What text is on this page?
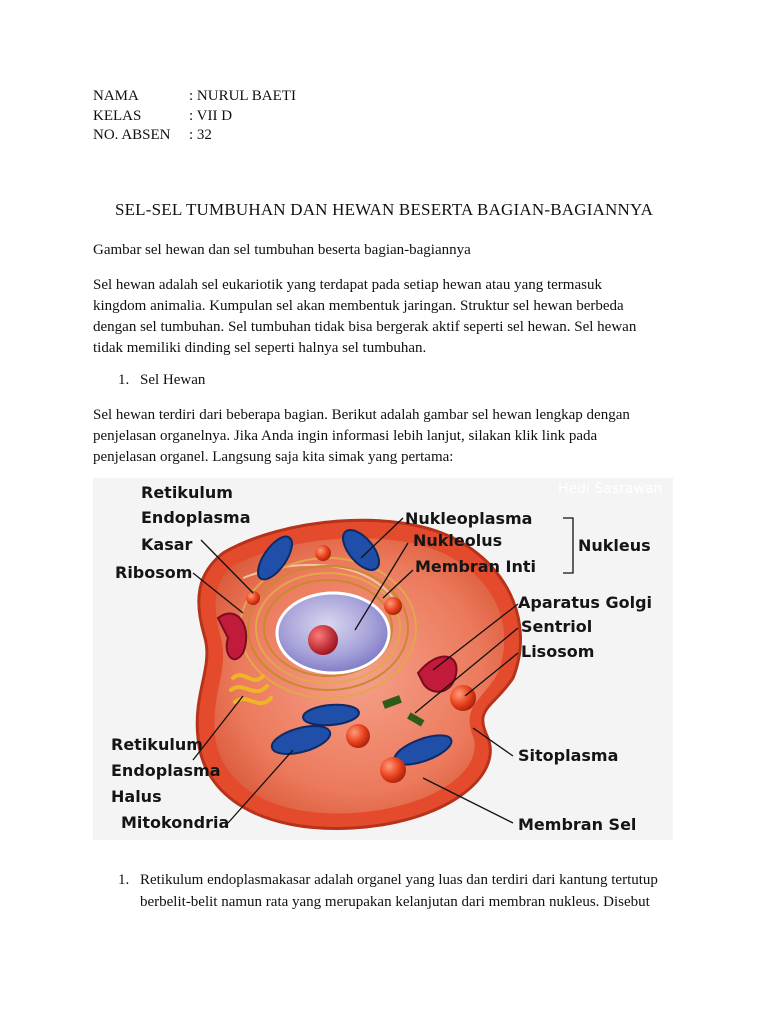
NAMA	: NURUL BAETI
KELAS	: VII D
NO. ABSEN	: 32
SEL-SEL TUMBUHAN DAN HEWAN BESERTA BAGIAN-BAGIANNYA
Gambar sel hewan dan sel tumbuhan beserta bagian-bagiannya
Sel hewan adalah sel eukariotik yang terdapat pada setiap hewan atau yang termasuk
kingdom animalia. Kumpulan sel akan membentuk jaringan. Struktur sel hewan berbeda
dengan sel tumbuhan. Sel tumbuhan tidak bisa bergerak aktif seperti sel hewan. Sel hewan
tidak memiliki dinding sel seperti halnya sel tumbuhan.
1. Sel Hewan
Sel hewan terdiri dari beberapa bagian. Berikut adalah gambar sel hewan lengkap dengan
penjelasan organelnya. Jika Anda ingin informasi lebih lanjut, silakan klik link pada
penjelasan organel. Langsung saja kita simak yang pertama:
Retikulum
Endoplasma
Kasar
Ribosom
Nukleoplasma
Nukleolus
Membran Inti
Nukleus
Aparatus Golgi
Sentriol
Lisosom
Retikulum
Endoplasma
Halus
Mitokondria
Sitoplasma
Membran Sel
Hedi Sasrawan
1. Retikulum endoplasmakasar adalah organel yang luas dan terdiri dari kantung tertutup
berbelit-belit namun rata yang merupakan kelanjutan dari membran nukleus. Disebut
